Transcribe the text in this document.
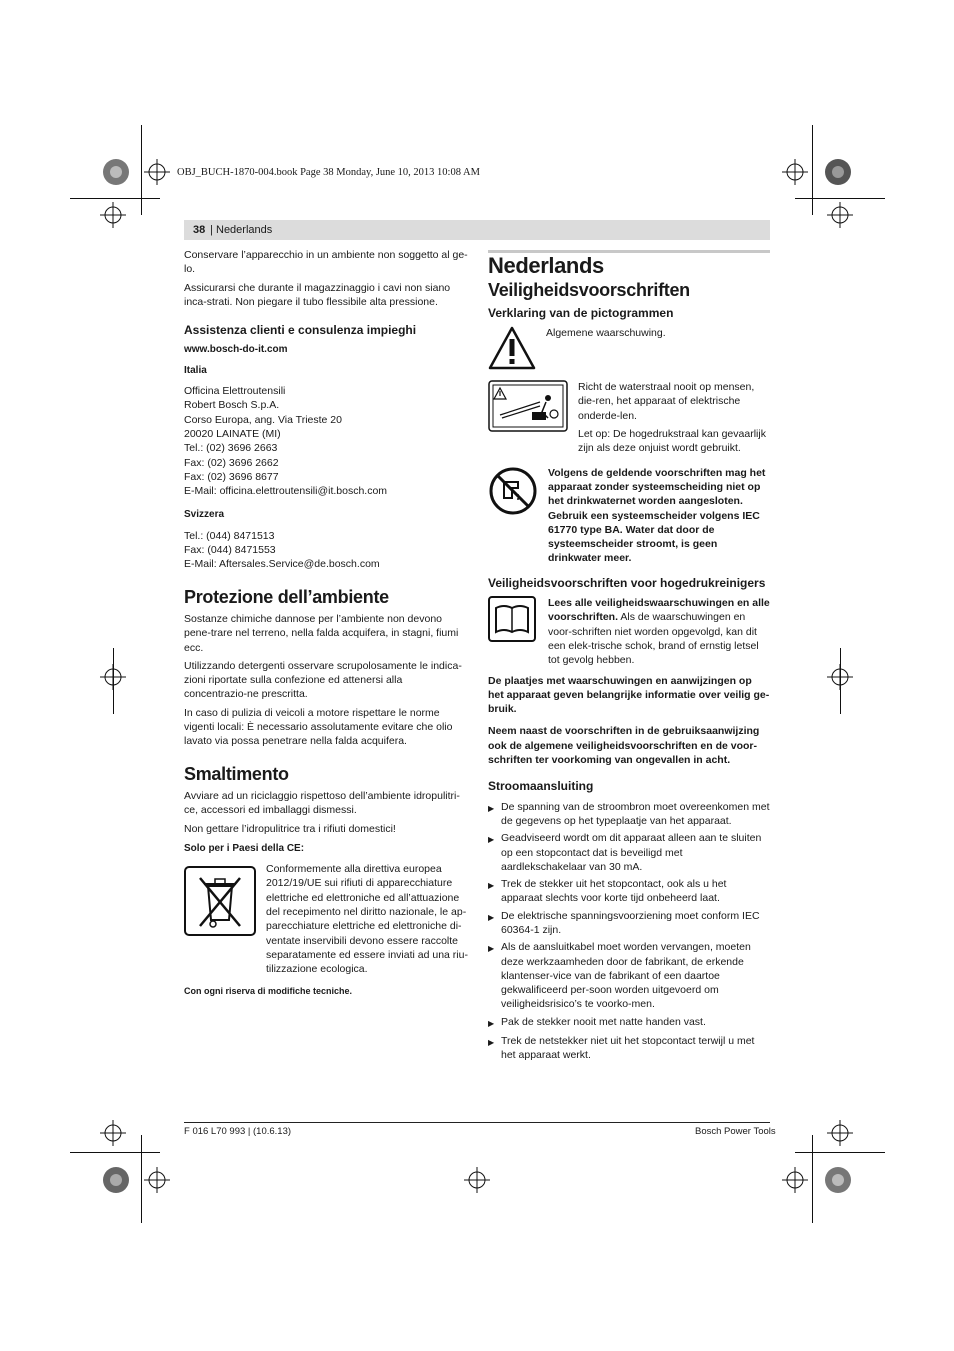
OBJ_BUCH-1870-004.book Page 38 Monday, June 10, 2013 10:08 AM
38 | Nederlands

Conservare l’apparecchio in un ambiente non soggetto al ge-lo.

Assicurarsi che durante il magazzinaggio i cavi non siano inca-strati. Non piegare il tubo flessibile alta pressione.

Assistenza clienti e consulenza impieghi
www.bosch-do-it.com
Italia
Officina Elettroutensili
Robert Bosch S.p.A.
Corso Europa, ang. Via Trieste 20
20020 LAINATE (MI)
Tel.: (02) 3696 2663
Fax: (02) 3696 2662
Fax: (02) 3696 8677
E-Mail: officina.elettroutensili@it.bosch.com
Svizzera
Tel.: (044) 8471513
Fax: (044) 8471553
E-Mail: Aftersales.Service@de.bosch.com
Protezione dell’ambiente

Sostanze chimiche dannose per l’ambiente non devono pene-trare nel terreno, nella falda acquifera, in stagni, fiumi ecc.

Utilizzando detergenti osservare scrupolosamente le indica-zioni riportate sulla confezione ed attenersi alla concentrazio-ne prescritta.

In caso di pulizia di veicoli a motore rispettare le norme vigenti locali: È necessario assolutamente evitare che olio lavato via possa penetrare nella falda acquifera.

Smaltimento

Avviare ad un riciclaggio rispettoso dell’ambiente idropulitri-ce, accessori ed imballaggi dismessi.

Non gettare l’idropulitrice tra i rifiuti domestici!

Solo per i Paesi della CE:
Conformemente alla direttiva europea 2012/19/UE sui rifiuti di apparecchiature elettriche ed elettroniche ed all’attuazione del recepimento nel diritto nazionale, le ap-parecchiature elettriche ed elettroniche di-ventate inservibili devono essere raccolte separatamente ed essere inviati ad una riu-tilizzazione ecologica.
Con ogni riserva di modifiche tecniche.
Nederlands
Veiligheidsvoorschriften
Verklaring van de pictogrammen
Algemene waarschuwing.

Richt de waterstraal nooit op mensen, die-ren, het apparaat of elektrische onderde-len.

Let op: De hogedrukstraal kan gevaarlijk zijn als deze onjuist wordt gebruikt.

Volgens de geldende voorschriften mag het apparaat zonder systeemscheiding niet op het drinkwaternet worden aangesloten. Gebruik een systeemscheider volgens IEC 61770 type BA. Water dat door de systeemscheider stroomt, is geen drinkwater meer.
Veiligheidsvoorschriften voor hogedrukreinigers
Lees alle veiligheidswaarschuwingen en alle voorschriften. Als de waarschuwingen en voor-schriften niet worden opgevolgd, kan dit een elek-trische schok, brand of ernstig letsel tot gevolg hebben.

De plaatjes met waarschuwingen en aanwijzingen op het apparaat geven belangrijke informatie over veilig ge-bruik.

Neem naast de voorschriften in de gebruiksaanwijzing ook de algemene veiligheidsvoorschriften en de voor-schriften ter voorkoming van ongevallen in acht.

Stroomaansluiting
▶ De spanning van de stroombron moet overeenkomen met de gegevens op het typeplaatje van het apparaat.
▶ Geadviseerd wordt om dit apparaat alleen aan te sluiten op een stopcontact dat is beveiligd met aardlekschakelaar van 30 mA.
▶ Trek de stekker uit het stopcontact, ook als u het apparaat slechts voor korte tijd onbeheerd laat.
▶ De elektrische spanningsvoorziening moet conform IEC 60364-1 zijn.
▶ Als de aansluitkabel moet worden vervangen, moeten deze werkzaamheden door de fabrikant, de erkende klantenser-vice van de fabrikant of een daartoe gekwalificeerd per-soon worden uitgevoerd om veiligheidsrisico’s te voorko-men.
▶ Pak de stekker nooit met natte handen vast.
▶ Trek de netstekker niet uit het stopcontact terwijl u met het apparaat werkt.
F 016 L70 993 | (10.6.13)	Bosch Power Tools
